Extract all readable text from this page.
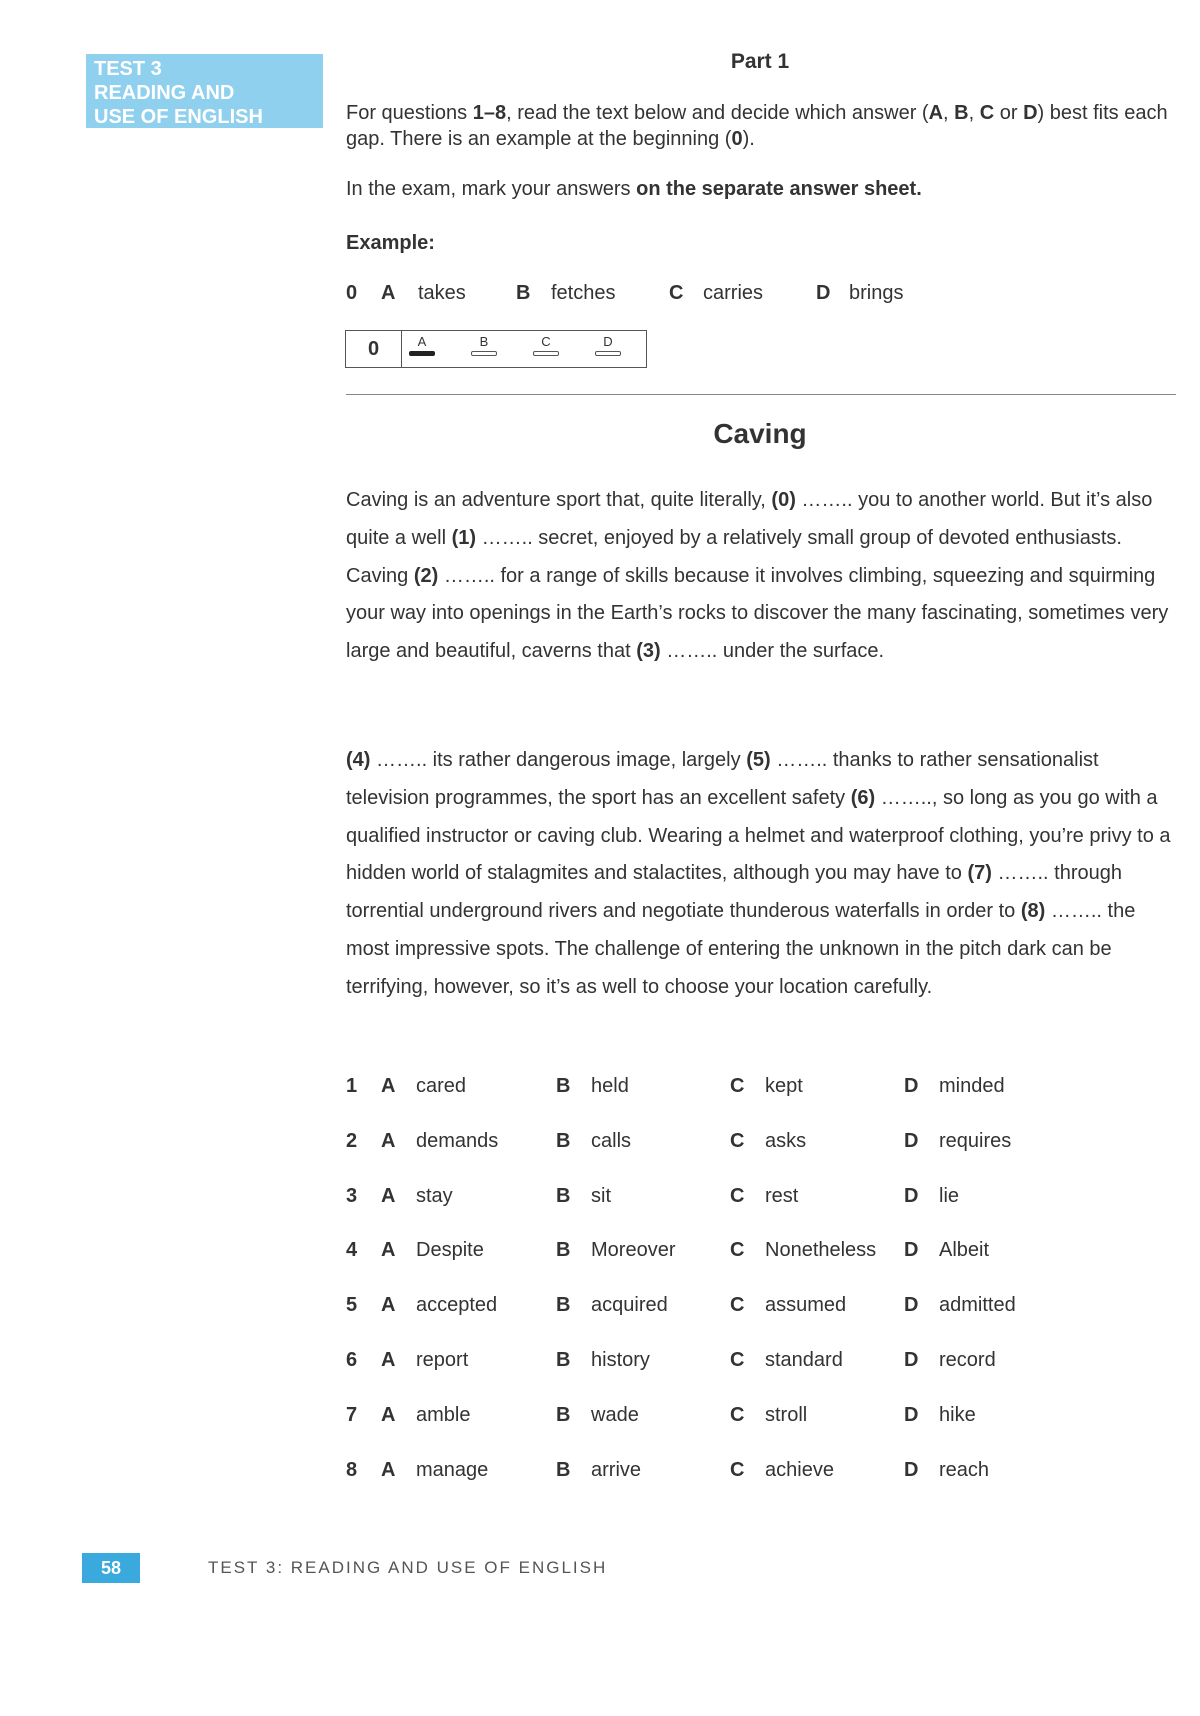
TEST 3
READING AND
USE OF ENGLISH
Part 1
For questions 1–8, read the text below and decide which answer (A, B, C or D) best fits each gap. There is an example at the beginning (0).
In the exam, mark your answers on the separate answer sheet.
Example:
0 A takes	B fetches	C carries	D brings
0	A	B	C	D
Caving
Caving is an adventure sport that, quite literally, (0) …….. you to another world. But it’s also quite a well (1) …….. secret, enjoyed by a relatively small group of devoted enthusiasts. Caving (2) …….. for a range of skills because it involves climbing, squeezing and squirming your way into openings in the Earth’s rocks to discover the many fascinating, sometimes very large and beautiful, caverns that (3) …….. under the surface.
(4) …….. its rather dangerous image, largely (5) …….. thanks to rather sensationalist television programmes, the sport has an excellent safety (6) …….., so long as you go with a qualified instructor or caving club. Wearing a helmet and waterproof clothing, you’re privy to a hidden world of stalagmites and stalactites, although you may have to (7) …….. through torrential underground rivers and negotiate thunderous waterfalls in order to (8) …….. the most impressive spots. The challenge of entering the unknown in the pitch dark can be terrifying, however, so it’s as well to choose your location carefully.
1 A cared	B held	C kept	D minded
2 A demands	B calls	C asks	D requires
3 A stay	B sit	C rest	D lie
4 A Despite	B Moreover	C Nonetheless D Albeit
5 A accepted	B acquired	C assumed	D admitted
6 A report	B history	C standard	D record
7 A amble	B wade	C stroll	D hike
8 A manage	B arrive	C achieve	D reach
58	TEST 3: READING AND USE OF ENGLISH
